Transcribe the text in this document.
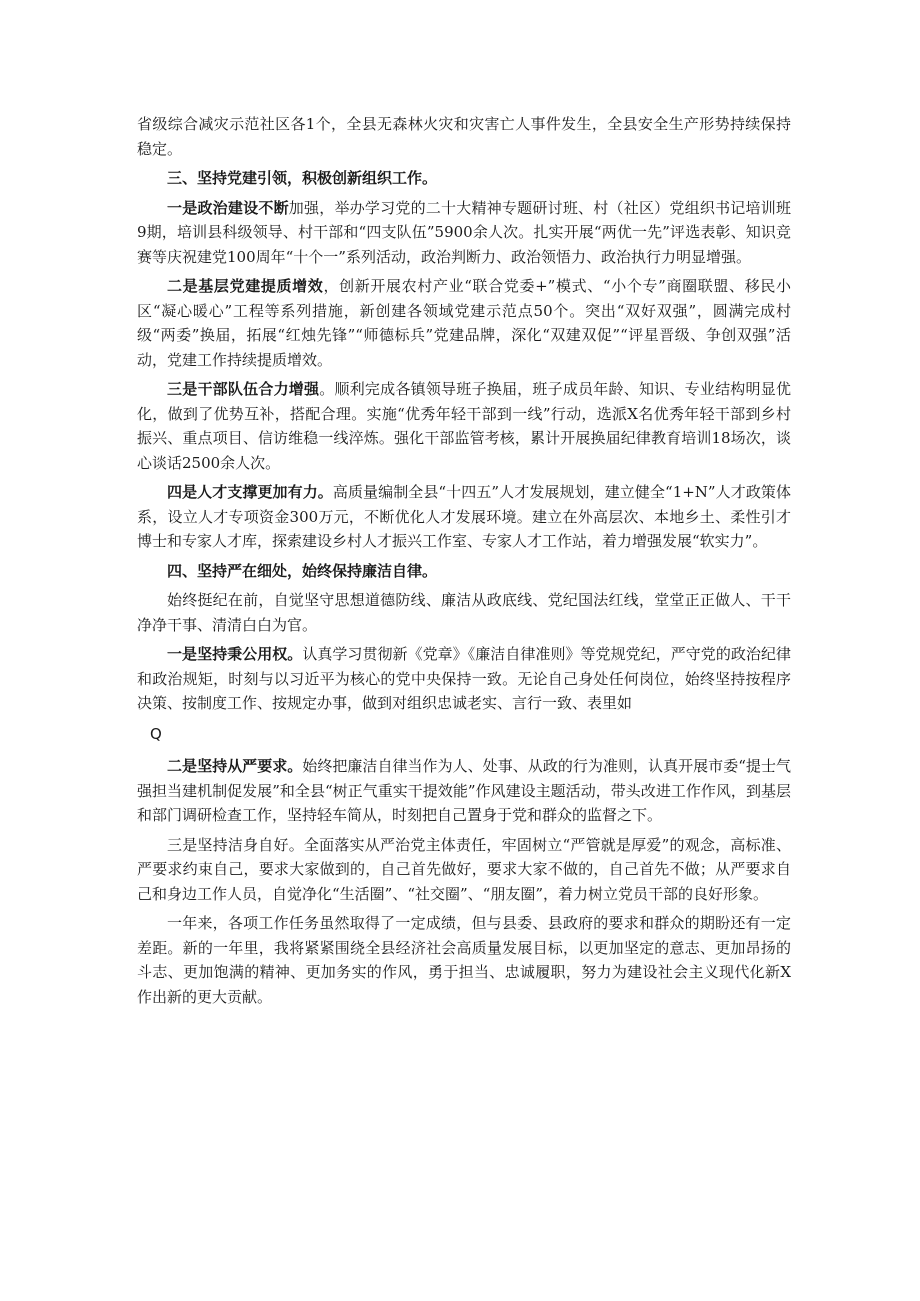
省级综合减灾示范社区各1个，全县无森林火灾和灾害亡人事件发生，全县安全生产形势持续保持稳定。

三、坚持党建引领，积极创新组织工作。

一是政治建设不断加强，举办学习党的二十大精神专题研讨班、村（社区）党组织书记培训班9期，培训县科级领导、村干部和“四支队伍”5900余人次。扎实开展“两优一先”评选表彰、知识竞赛等庆祝建党100周年“十个一”系列活动，政治判断力、政治领悟力、政治执行力明显增强。

二是基层党建提质增效，创新开展农村产业“联合党委+”模式、“小个专”商圈联盟、移民小区“凝心暖心”工程等系列措施，新创建各领域党建示范点50个。突出“双好双强”，圆满完成村级“两委”换届，拓展“红烛先锋”“师德标兵”党建品牌，深化“双建双促”“评星晋级、争创双强”活动，党建工作持续提质增效。

三是干部队伍合力增强。顺利完成各镇领导班子换届，班子成员年龄、知识、专业结构明显优化，做到了优势互补，搭配合理。实施“优秀年轻干部到一线”行动，选派X名优秀年轻干部到乡村振兴、重点项目、信访维稳一线淬炼。强化干部监管考核，累计开展换届纪律教育培训18场次，谈心谈话2500余人次。

四是人才支撑更加有力。高质量编制全县“十四五”人才发展规划，建立健全“1+N”人才政策体系，设立人才专项资金300万元，不断优化人才发展环境。建立在外高层次、本地乡土、柔性引才博士和专家人才库，探索建设乡村人才振兴工作室、专家人才工作站，着力增强发展“软实力”。

四、坚持严在细处，始终保持廉洁自律。

始终挺纪在前，自觉坚守思想道德防线、廉洁从政底线、党纪国法红线，堂堂正正做人、干干净净干事、清清白白为官。

一是坚持秉公用权。认真学习贯彻新《党章》《廉洁自律准则》等党规党纪，严守党的政治纪律和政治规矩，时刻与以习近平为核心的党中央保持一致。无论自己身处任何岗位，始终坚持按程序决策、按制度工作、按规定办事，做到对组织忠诚老实、言行一致、表里如

Q

二是坚持从严要求。始终把廉洁自律当作为人、处事、从政的行为准则，认真开展市委“提士气强担当建机制促发展”和全县“树正气重实干提效能”作风建设主题活动，带头改进工作作风，到基层和部门调研检查工作，坚持轻车简从，时刻把自己置身于党和群众的监督之下。

三是坚持洁身自好。全面落实从严治党主体责任，牢固树立“严管就是厚爱”的观念，高标准、严要求约束自己，要求大家做到的，自己首先做好，要求大家不做的，自己首先不做；从严要求自己和身边工作人员，自觉净化“生活圈”、“社交圈”、“朋友圈”，着力树立党员干部的良好形象。

一年来，各项工作任务虽然取得了一定成绩，但与县委、县政府的要求和群众的期盼还有一定差距。新的一年里，我将紧紧围绕全县经济社会高质量发展目标，以更加坚定的意志、更加昂扬的斗志、更加饱满的精神、更加务实的作风，勇于担当、忠诚履职，努力为建设社会主义现代化新X作出新的更大贡献。
